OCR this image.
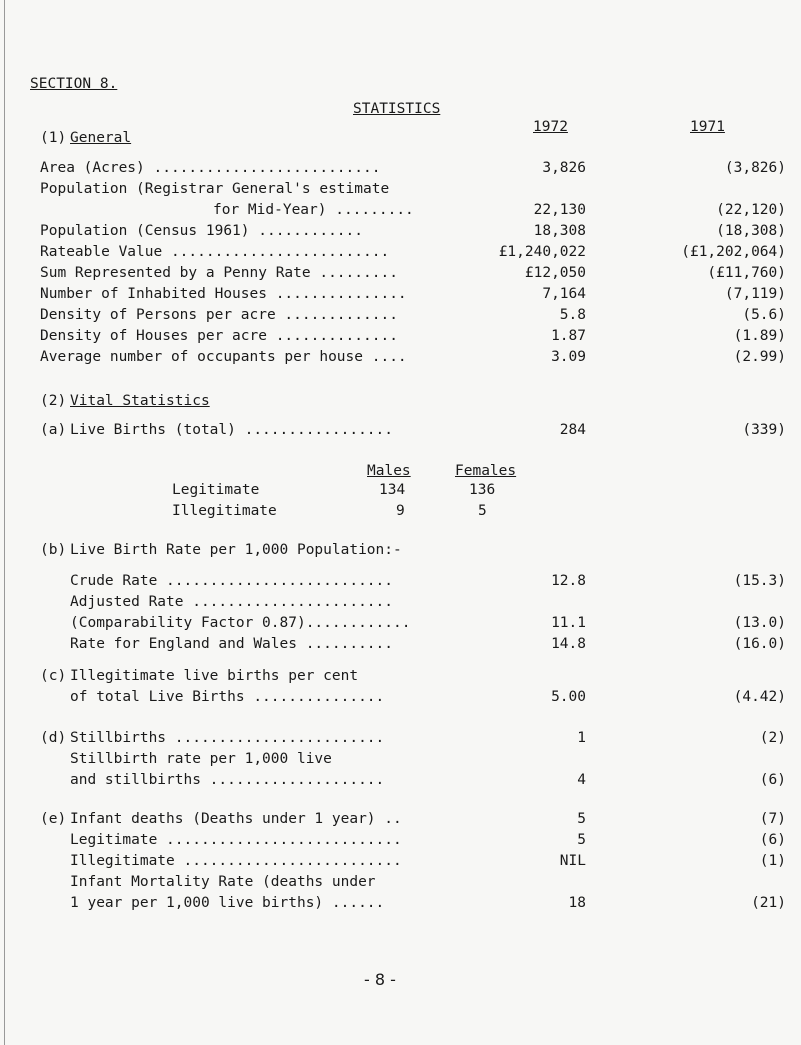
SECTION 8.
STATISTICS
(1) General
1972	1971
Area (Acres) ..........................	3,826	(3,826)
Population (Registrar General's estimate
for Mid-Year) .........	22,130	(22,120)
Population (Census 1961) ............	18,308	(18,308)
Rateable Value .........................	£1,240,022	(£1,202,064)
Sum Represented by a Penny Rate .........	£12,050	(£11,760)
Number of Inhabited Houses ...............	7,164	(7,119)
Density of Persons per acre .............	5.8	(5.6)
Density of Houses per acre ..............	1.87	(1.89)
Average number of occupants per house ....	3.09	(2.99)
(2) Vital Statistics
(a) Live Births (total) .................	284	(339)
Males	Females
Legitimate	134	136
Illegitimate	9	5
(b) Live Birth Rate per 1,000 Population:-
Crude Rate ..........................	12.8	(15.3)
Adjusted Rate .......................
(Comparability Factor 0.87)............	11.1	(13.0)
Rate for England and Wales ..........	14.8	(16.0)
(c) Illegitimate live births per cent
of total Live Births ...............	5.00	(4.42)
(d) Stillbirths ........................	1	(2)
Stillbirth rate per 1,000 live
and stillbirths ....................	4	(6)
(e) Infant deaths (Deaths under 1 year) ..	5	(7)
Legitimate ...........................	5	(6)
Illegitimate .........................	NIL	(1)
Infant Mortality Rate (deaths under
1 year per 1,000 live births) ......	18	(21)
- 8 -
